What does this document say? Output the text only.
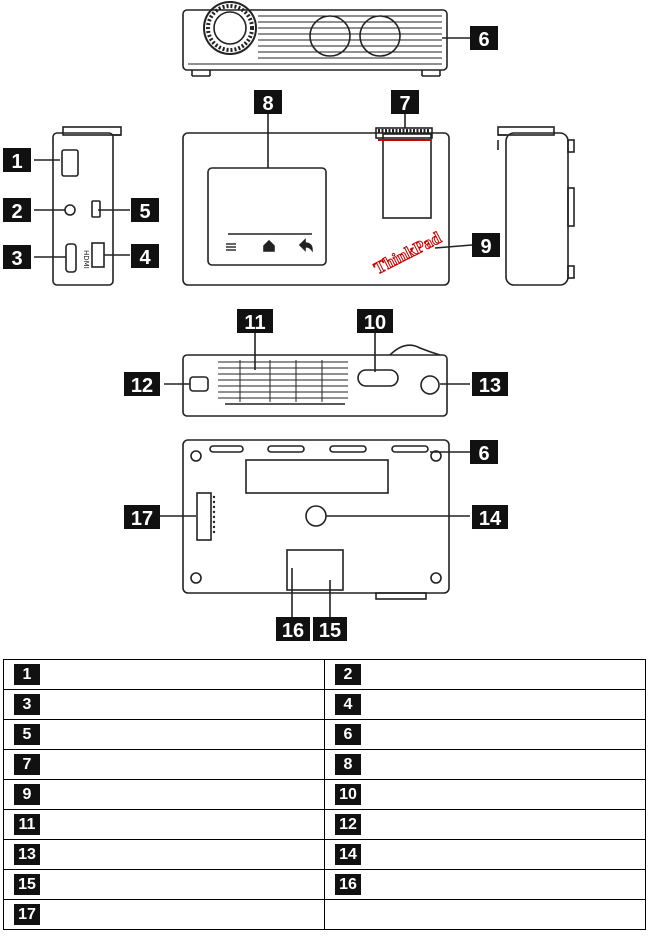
ThinkPad
HDMI
6
8	7
1
2	5
3	4	9
11	10
12	13
6
17	14
16 15
1	2
3	4
5	6
7	8
9	10
11	12
13	14
15	16
17	
